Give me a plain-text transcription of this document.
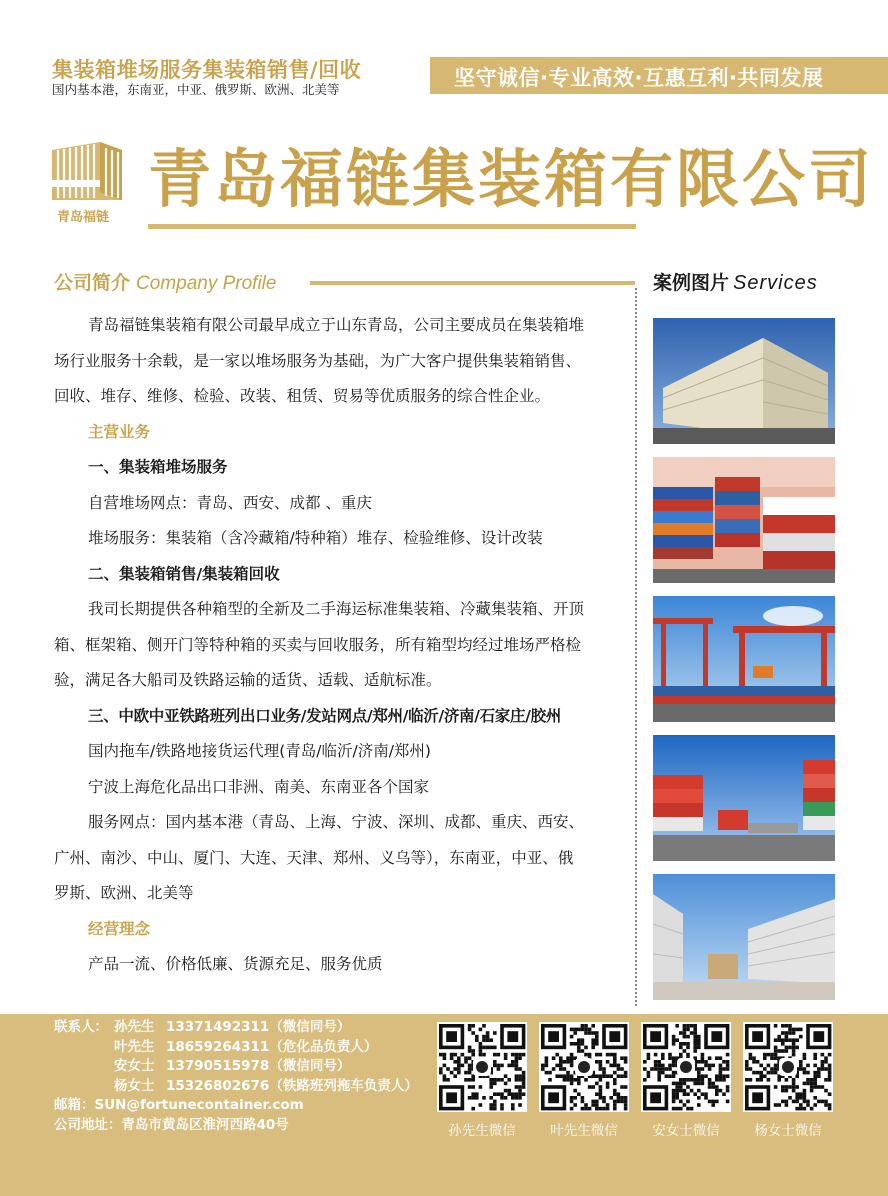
集装箱堆场服务集装箱销售/回收
国内基本港，东南亚，中亚、俄罗斯、欧洲、北美等	坚守诚信·专业高效·互惠互利·共同发展
青岛福链
青岛福链集装箱有限公司
公司简介 Company Profile

青岛福链集装箱有限公司最早成立于山东青岛，公司主要成员在集装箱堆

场行业服务十余载，是一家以堆场服务为基础，为广大客户提供集装箱销售、

回收、堆存、维修、检验、改装、租赁、贸易等优质服务的综合性企业。

主营业务

一、集装箱堆场服务

自营堆场网点：青岛、西安、成都 、重庆

堆场服务：集装箱（含冷藏箱/特种箱）堆存、检验维修、设计改装

二、集装箱销售/集装箱回收

我司长期提供各种箱型的全新及二手海运标准集装箱、冷藏集装箱、开顶

箱、框架箱、侧开门等特种箱的买卖与回收服务，所有箱型均经过堆场严格检

验，满足各大船司及铁路运输的适货、适载、适航标准。

三、中欧中亚铁路班列出口业务/发站网点/郑州/临沂/济南/石家庄/胶州

国内拖车/铁路地接货运代理(青岛/临沂/济南/郑州)

宁波上海危化品出口非洲、南美、东南亚各个国家

服务网点：国内基本港（青岛、上海、宁波、深圳、成都、重庆、西安、

广州、南沙、中山、厦门、大连、天津、郑州、义乌等），东南亚，中亚、俄

罗斯、欧洲、北美等

经营理念

产品一流、价格低廉、货源充足、服务优质

案例图片 Services
联系人： 孙先生 13371492311（微信同号）
叶先生 18659264311（危化品负责人）
安女士 13790515978（微信同号）
杨女士 15326802676（铁路班列拖车负责人）
邮箱：SUN@fortunecontainer.com
公司地址：青岛市黄岛区淮河西路40号	孙先生微信	叶先生微信	安女士微信	杨女士微信
